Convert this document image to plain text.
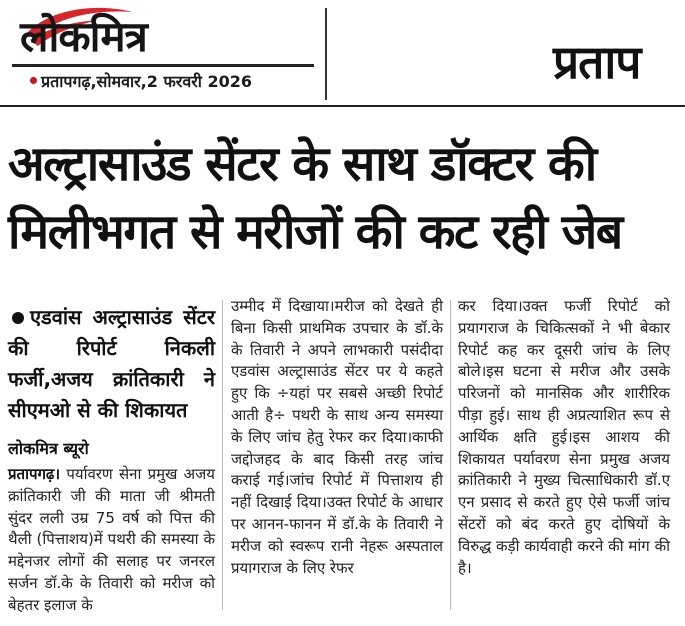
लोकमित्र
प्रतापगढ़,सोमवार,2 फरवरी 2026	प्रताप
अल्ट्रासाउंड सेंटर के साथ डॉक्टर की
मिलीभगत से मरीजों की कट रही जेब
एडवांस अल्ट्रासाउंड सेंटर की रिपोर्ट निकली फर्जी,अजय क्रांतिकारी ने सीएमओ से की शिकायत
लोकमित्र ब्यूरो
प्रतापगढ़। पर्यावरण सेना प्रमुख अजय क्रांतिकारी जी की माता जी श्रीमती सुंदर लली उम्र 75 वर्ष को पित्त की थैली (पित्ताशय)में पथरी की समस्या के मद्देनजर लोगों की सलाह पर जनरल सर्जन डॉ.के के तिवारी को मरीज को बेहतर इलाज के
उम्मीद में दिखाया।मरीज को देखते ही बिना किसी प्राथमिक उपचार के डॉ.के के तिवारी ने अपने लाभकारी पसंदीदा एडवांस अल्ट्रासाउंड सेंटर पर ये कहते हुए कि ÷यहां पर सबसे अच्छी रिपोर्ट आती है÷ पथरी के साथ अन्य समस्या के लिए जांच हेतु रेफर कर दिया।काफी जद्दोजहद के बाद किसी तरह जांच कराई गई।जांच रिपोर्ट में पित्ताशय ही नहीं दिखाई दिया।उक्त रिपोर्ट के आधार पर आनन-फानन में डॉ.के के तिवारी ने मरीज को स्वरूप रानी नेहरू अस्पताल प्रयागराज के लिए रेफर
कर दिया।उक्त फर्जी रिपोर्ट को प्रयागराज के चिकित्सकों ने भी बेकार रिपोर्ट कह कर दूसरी जांच के लिए बोले।इस घटना से मरीज और उसके परिजनों को मानसिक और शारीरिक पीड़ा हुई। साथ ही अप्रत्याशित रूप से आर्थिक क्षति हुई।इस आशय की शिकायत पर्यावरण सेना प्रमुख अजय क्रांतिकारी ने मुख्य चित्साधिकारी डॉ.ए एन प्रसाद से करते हुए ऐसे फर्जी जांच सेंटरों को बंद करते हुए दोषियों के विरुद्ध कड़ी कार्यवाही करने की मांग की है।
